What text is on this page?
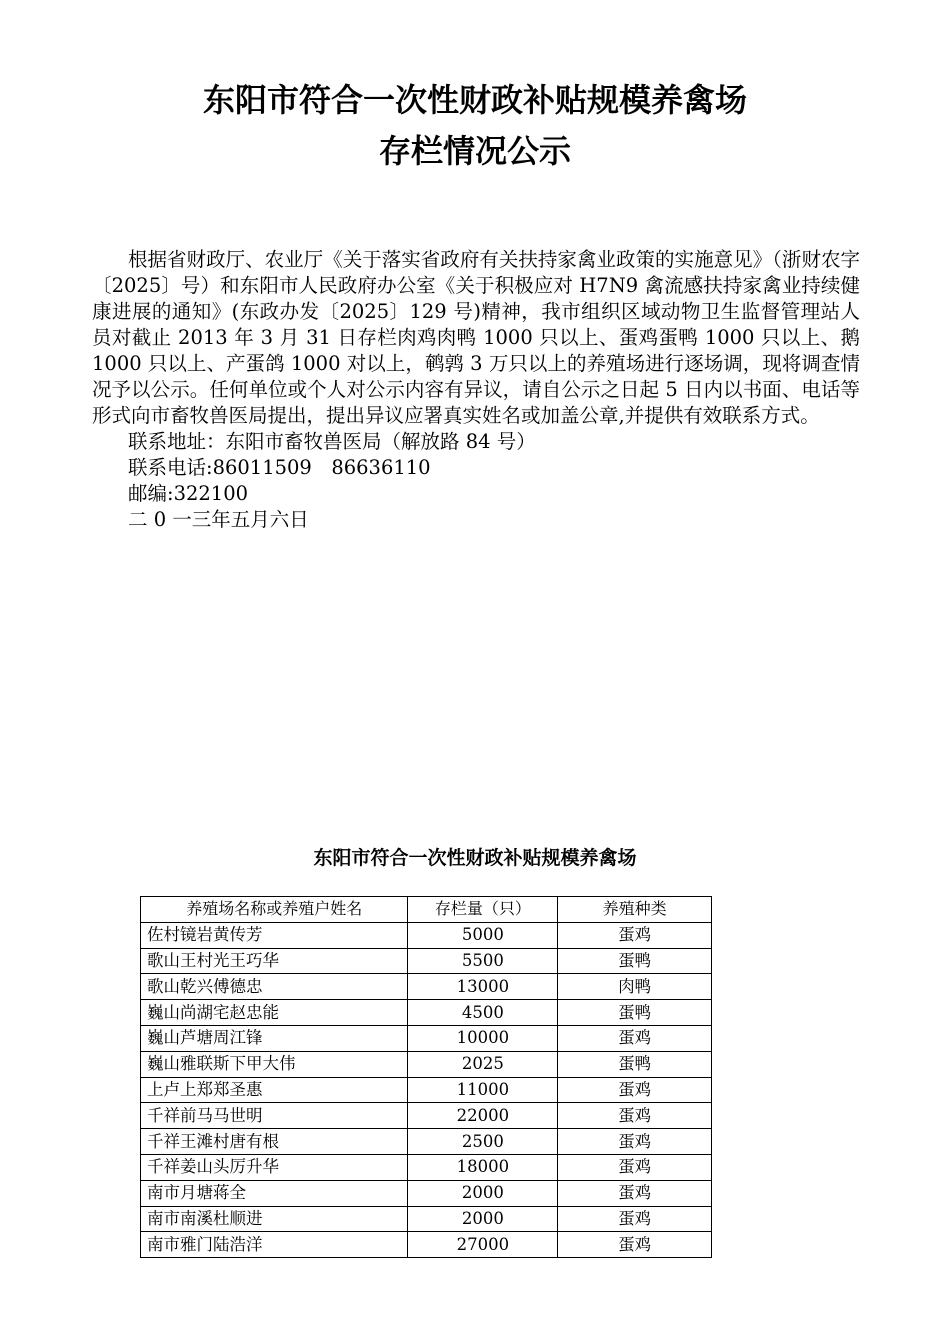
东阳市符合一次性财政补贴规模养禽场
存栏情况公示

根据省财政厅、农业厅《关于落实省政府有关扶持家禽业政策的实施意见》（浙财农字〔2025〕号）和东阳市人民政府办公室《关于积极应对 H7N9 禽流感扶持家禽业持续健康进展的通知》(东政办发〔2025〕129 号)精神，我市组织区域动物卫生监督管理站人员对截止 2013 年 3 月 31 日存栏肉鸡肉鸭 1000 只以上、蛋鸡蛋鸭 1000 只以上、鹅 1000 只以上、产蛋鸽 1000 对以上，鹌鹑 3 万只以上的养殖场进行逐场调，现将调查情况予以公示。任何单位或个人对公示内容有异议，请自公示之日起 5 日内以书面、电话等形式向市畜牧兽医局提出，提出异议应署真实姓名或加盖公章,并提供有效联系方式。

联系地址：东阳市畜牧兽医局（解放路 84 号）

联系电话:86011509　86636110

邮编:322100

二 0 一三年五月六日

东阳市符合一次性财政补贴规模养禽场
养殖场名称或养殖户姓名	存栏量（只）	养殖种类
佐村镜岩黄传芳	5000	蛋鸡
歌山王村光王巧华	5500	蛋鸭
歌山乾兴傅德忠	13000	肉鸭
巍山尚湖宅赵忠能	4500	蛋鸭
巍山芦塘周江锋	10000	蛋鸡
巍山雅联斯下甲大伟	2025	蛋鸭
上卢上郑郑圣惠	11000	蛋鸡
千祥前马马世明	22000	蛋鸡
千祥王滩村唐有根	2500	蛋鸡
千祥姜山头厉升华	18000	蛋鸡
南市月塘蒋全	2000	蛋鸡
南市南溪杜顺进	2000	蛋鸡
南市雅门陆浩洋	27000	蛋鸡
